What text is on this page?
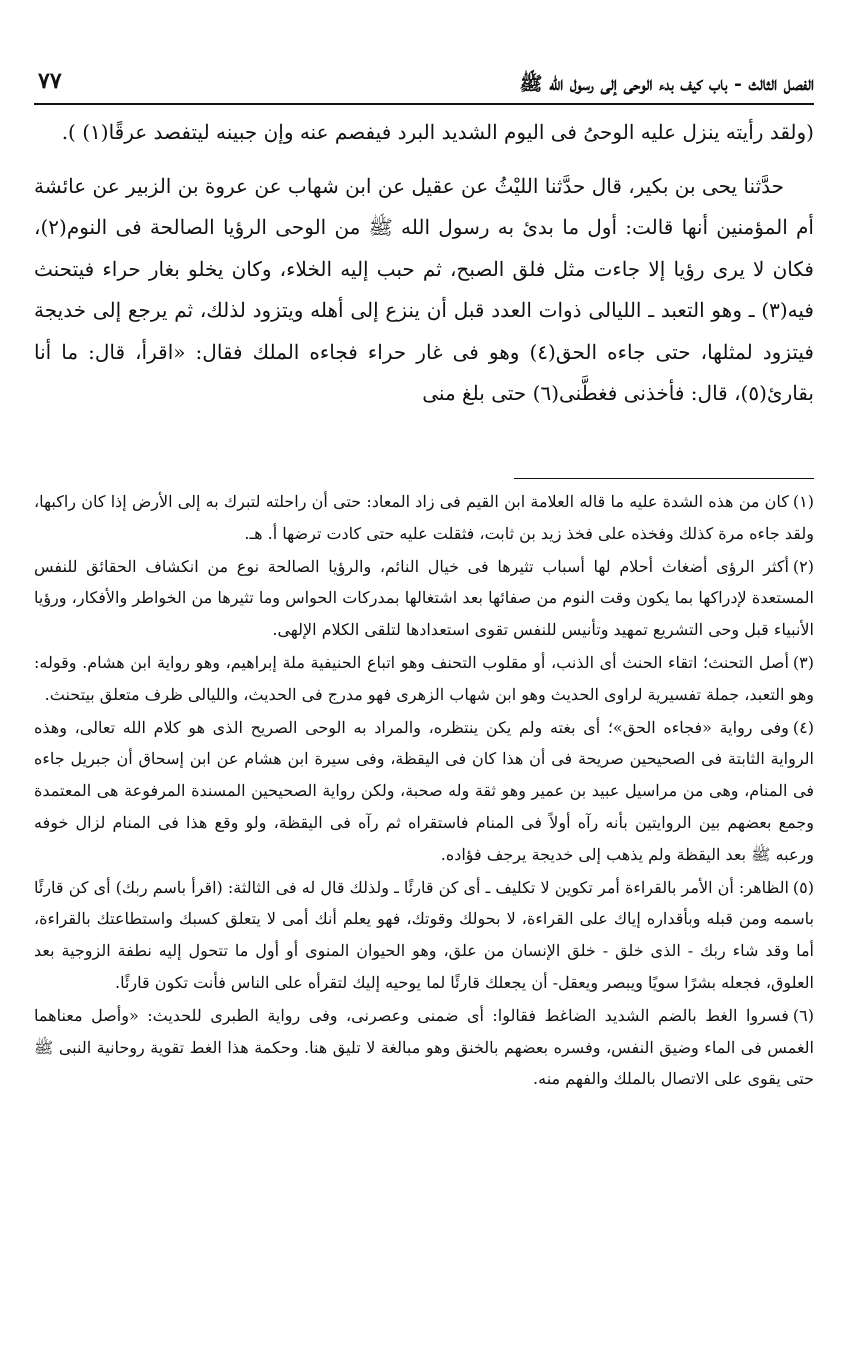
الفصل الثالث - باب كيف بدء الوحى إلى رسول الله ﷺ
٧٧

(ولقد رأيته ينزل عليه الوحىُ فى اليوم الشديد البرد فيفصم عنه وإن جبينه ليتفصد عرقًا(١) ).

حدَّثنا يحى بن بكير، قال حدَّثنا الليْثُ عن عقيل عن ابن شهاب عن عروة بن الزبير عن عائشة أم المؤمنين أنها قالت: أول ما بدئ به رسول الله ﷺ من الوحى الرؤيا الصالحة فى النوم(٢)، فكان لا يرى رؤيا إلا جاءت مثل فلق الصبح، ثم حبب إليه الخلاء، وكان يخلو بغار حراء فيتحنث فيه(٣) ـ وهو التعبد ـ الليالى ذوات العدد قبل أن ينزع إلى أهله ويتزود لذلك، ثم يرجع إلى خديجة فيتزود لمثلها، حتى جاءه الحق(٤) وهو فى غار حراء فجاءه الملك فقال: «اقرأ، قال: ما أنا بقارئ(٥)، قال: فأخذنى فغطَّنى(٦) حتى بلغ منى

(١)كان من هذه الشدة عليه ما قاله العلامة ابن القيم فى زاد المعاد: حتى أن راحلته لتبرك به إلى الأرض إذا كان راكبها، ولقد جاءه مرة كذلك وفخذه على فخذ زيد بن ثابت، فثقلت عليه حتى كادت ترضها أ. هـ.

(٢)أكثر الرؤى أضغاث أحلام لها أسباب تثيرها فى خيال النائم، والرؤيا الصالحة نوع من انكشاف الحقائق للنفس المستعدة لإدراكها بما يكون وقت النوم من صفائها بعد اشتغالها بمدركات الحواس وما تثيرها من الخواطر والأفكار، ورؤيا الأنبياء قبل وحى التشريع تمهيد وتأنيس للنفس تقوى استعدادها لتلقى الكلام الإلهى.

(٣)أصل التحنث؛ اتقاء الحنث أى الذنب، أو مقلوب التحنف وهو اتباع الحنيفية ملة إبراهيم، وهو رواية ابن هشام. وقوله: وهو التعبد، جملة تفسيرية لراوى الحديث وهو ابن شهاب الزهرى فهو مدرج فى الحديث، والليالى ظرف متعلق بيتحنث.

(٤)وفى رواية «فجاءه الحق»؛ أى بغته ولم يكن ينتظره، والمراد به الوحى الصريح الذى هو كلام الله تعالى، وهذه الرواية الثابتة فى الصحيحين صريحة فى أن هذا كان فى اليقظة، وفى سيرة ابن هشام عن ابن إسحاق أن جبريل جاءه فى المنام، وهى من مراسيل عبيد بن عمير وهو ثقة وله صحبة، ولكن رواية الصحيحين المسندة المرفوعة هى المعتمدة وجمع بعضهم بين الروايتين بأنه رآه أولاً فى المنام فاستقراه ثم رآه فى اليقظة، ولو وقع هذا فى المنام لزال خوفه ورعبه ﷺ بعد اليقظة ولم يذهب إلى خديجة يرجف فؤاده.

(٥)الظاهر: أن الأمر بالقراءة أمر تكوين لا تكليف ـ أى كن قارئًا ـ ولذلك قال له فى الثالثة: (اقرأ باسم ربك) أى كن قارئًا باسمه ومن قبله وبأقداره إياك على القراءة، لا بحولك وقوتك، فهو يعلم أنك أمى لا يتعلق كسبك واستطاعتك بالقراءة، أما وقد شاء ربك - الذى خلق - خلق الإنسان من علق، وهو الحيوان المنوى أو أول ما تتحول إليه نطفة الزوجية بعد العلوق، فجعله بشرًا سويًا ويبصر ويعقل- أن يجعلك قارئًا لما يوحيه إليك لتقرأه على الناس فأنت تكون قارئًا.

(٦)فسروا الغط بالضم الشديد الضاغط فقالوا: أى ضمنى وعصرنى، وفى رواية الطبرى للحديث: «وأصل معناهما الغمس فى الماء وضيق النفس، وفسره بعضهم بالخنق وهو مبالغة لا تليق هنا. وحكمة هذا الغط تقوية روحانية النبى ﷺ حتى يقوى على الاتصال بالملك والفهم منه.
